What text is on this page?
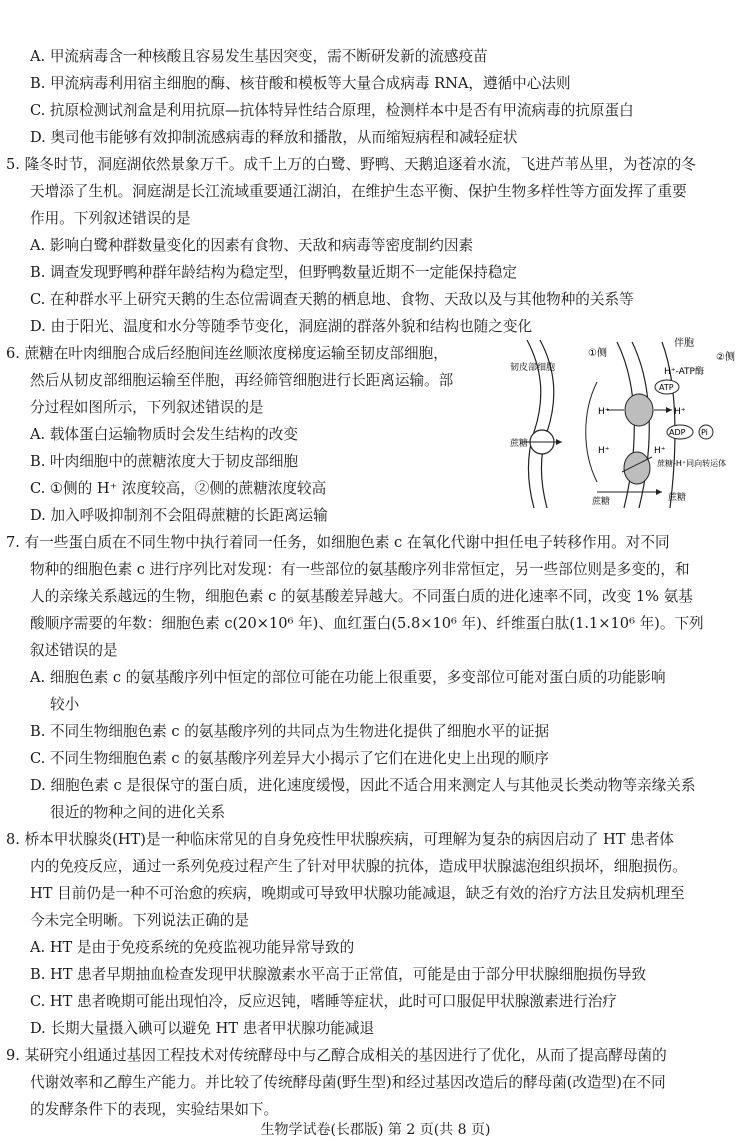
A. 甲流病毒含一种核酸且容易发生基因突变，需不断研发新的流感疫苗
B. 甲流病毒利用宿主细胞的酶、核苷酸和模板等大量合成病毒 RNA，遵循中心法则
C. 抗原检测试剂盒是利用抗原—抗体特异性结合原理，检测样本中是否有甲流病毒的抗原蛋白
D. 奥司他韦能够有效抑制流感病毒的释放和播散，从而缩短病程和减轻症状
5. 隆冬时节，洞庭湖依然景象万千。成千上万的白鹭、野鸭、天鹅追逐着水流，飞进芦苇丛里，为苍凉的冬
天增添了生机。洞庭湖是长江流域重要通江湖泊，在维护生态平衡、保护生物多样性等方面发挥了重要
作用。下列叙述错误的是
A. 影响白鹭种群数量变化的因素有食物、天敌和病毒等密度制约因素
B. 调查发现野鸭种群年龄结构为稳定型，但野鸭数量近期不一定能保持稳定
C. 在种群水平上研究天鹅的生态位需调查天鹅的栖息地、食物、天敌以及与其他物种的关系等
D. 由于阳光、温度和水分等随季节变化，洞庭湖的群落外貌和结构也随之变化
6. 蔗糖在叶肉细胞合成后经胞间连丝顺浓度梯度运输至韧皮部细胞，
然后从韧皮部细胞运输至伴胞，再经筛管细胞进行长距离运输。部
分过程如图所示，下列叙述错误的是
A. 载体蛋白运输物质时会发生结构的改变
B. 叶肉细胞中的蔗糖浓度大于韧皮部细胞
C. ①侧的 H⁺ 浓度较高，②侧的蔗糖浓度较高
D. 加入呼吸抑制剂不会阻碍蔗糖的长距离运输
韧皮部细胞
①侧
伴胞
②侧
H⁺-ATP酶
ATP
ADP Pi
H⁺	H⁺
H⁺	H⁺
蔗糖
蔗糖	蔗糖
蔗糖-H⁺同向转运体
7. 有一些蛋白质在不同生物中执行着同一任务，如细胞色素 c 在氧化代谢中担任电子转移作用。对不同
物种的细胞色素 c 进行序列比对发现：有一些部位的氨基酸序列非常恒定，另一些部位则是多变的，和
人的亲缘关系越远的生物，细胞色素 c 的氨基酸差异越大。不同蛋白质的进化速率不同，改变 1% 氨基
酸顺序需要的年数：细胞色素 c(20×10⁶ 年)、血红蛋白(5.8×10⁶ 年)、纤维蛋白肽(1.1×10⁶ 年)。下列
叙述错误的是
A. 细胞色素 c 的氨基酸序列中恒定的部位可能在功能上很重要，多变部位可能对蛋白质的功能影响
较小
B. 不同生物细胞色素 c 的氨基酸序列的共同点为生物进化提供了细胞水平的证据
C. 不同生物细胞色素 c 的氨基酸序列差异大小揭示了它们在进化史上出现的顺序
D. 细胞色素 c 是很保守的蛋白质，进化速度缓慢，因此不适合用来测定人与其他灵长类动物等亲缘关系
很近的物种之间的进化关系
8. 桥本甲状腺炎(HT)是一种临床常见的自身免疫性甲状腺疾病，可理解为复杂的病因启动了 HT 患者体
内的免疫反应，通过一系列免疫过程产生了针对甲状腺的抗体，造成甲状腺滤泡组织损坏，细胞损伤。
HT 目前仍是一种不可治愈的疾病，晚期或可导致甲状腺功能减退，缺乏有效的治疗方法且发病机理至
今未完全明晰。下列说法正确的是
A. HT 是由于免疫系统的免疫监视功能异常导致的
B. HT 患者早期抽血检查发现甲状腺激素水平高于正常值，可能是由于部分甲状腺细胞损伤导致
C. HT 患者晚期可能出现怕冷，反应迟钝，嗜睡等症状，此时可口服促甲状腺激素进行治疗
D. 长期大量摄入碘可以避免 HT 患者甲状腺功能减退
9. 某研究小组通过基因工程技术对传统酵母中与乙醇合成相关的基因进行了优化，从而了提高酵母菌的
代谢效率和乙醇生产能力。并比较了传统酵母菌(野生型)和经过基因改造后的酵母菌(改造型)在不同
的发酵条件下的表现，实验结果如下。
生物学试卷(长郡版) 第 2 页(共 8 页)
